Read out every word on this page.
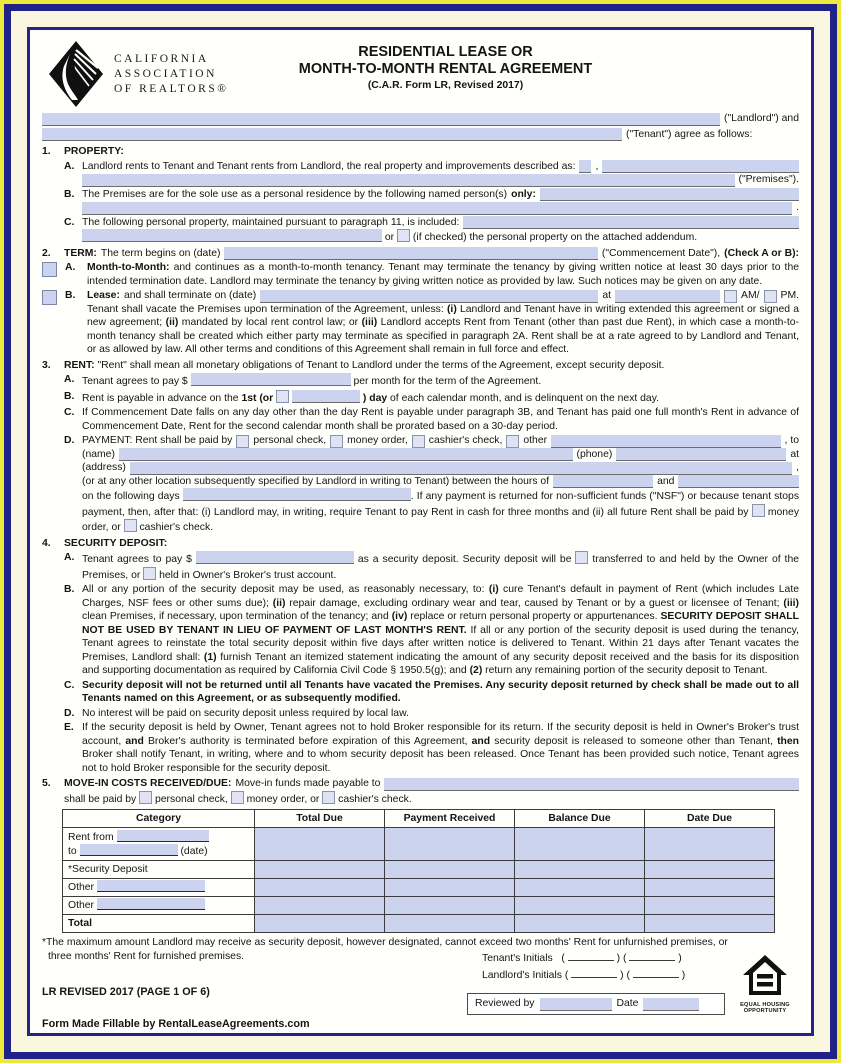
CALIFORNIA
ASSOCIATION
OF REALTORS®
RESIDENTIAL LEASE OR
MONTH-TO-MONTH RENTAL AGREEMENT
(C.A.R. Form LR, Revised 2017)
("Landlord") and
("Tenant") agree as follows:
1.	PROPERTY:
A. Landlord rents to Tenant and Tenant rents from Landlord, the real property and improvements described as: ,
("Premises").
B. The Premises are for the sole use as a personal residence by the following named person(s) only:
.
C. The following personal property, maintained pursuant to paragraph 11, is included:
or (if checked) the personal property on the attached addendum.
2.	TERM: The term begins on (date)	("Commencement Date"), (Check A or B):
A.	Month-to-Month: and continues as a month-to-month tenancy. Tenant may terminate the tenancy by giving written notice at least 30 days prior to the intended termination date. Landlord may terminate the tenancy by giving written notice as provided by law. Such notices may be given on any date.
B. Lease: and shall terminate on (date)	at	AM/ PM.
Tenant shall vacate the Premises upon termination of the Agreement, unless: (i) Landlord and Tenant have in writing extended this agreement or signed a new agreement; (ii) mandated by local rent control law; or (iii) Landlord accepts Rent from Tenant (other than past due Rent), in which case a month-to-month tenancy shall be created which either party may terminate as specified in paragraph 2A. Rent shall be at a rate agreed to by Landlord and Tenant, or as allowed by law. All other terms and conditions of this Agreement shall remain in full force and effect.
3.	RENT: "Rent" shall mean all monetary obligations of Tenant to Landlord under the terms of the Agreement, except security deposit.
A. Tenant agrees to pay $	per month for the term of the Agreement.
B. Rent is payable in advance on the 1st (or	) day of each calendar month, and is delinquent on the next day.
C. If Commencement Date falls on any day other than the day Rent is payable under paragraph 3B, and Tenant has paid one full month's Rent in advance of Commencement Date, Rent for the second calendar month shall be prorated based on a 30-day period.
D. PAYMENT: Rent shall be paid by personal check, money order, cashier's check, other	, to
(name)	(phone)	at
(address)	,
(or at any other location subsequently specified by Landlord in writing to Tenant) between the hours of	and
on the following days	. If any payment is returned for non-sufficient funds ("NSF") or because tenant stops payment, then, after that: (i) Landlord may, in writing, require Tenant to pay Rent in cash for three months and (ii) all future Rent shall be paid by money order, or cashier's check.
4.	SECURITY DEPOSIT:
A. Tenant agrees to pay $	as a security deposit. Security deposit will be transferred to and held by the Owner of the Premises, or held in Owner's Broker's trust account.
B. All or any portion of the security deposit may be used, as reasonably necessary, to: (i) cure Tenant's default in payment of Rent (which includes Late Charges, NSF fees or other sums due); (ii) repair damage, excluding ordinary wear and tear, caused by Tenant or by a guest or licensee of Tenant; (iii) clean Premises, if necessary, upon termination of the tenancy; and (iv) replace or return personal property or appurtenances. SECURITY DEPOSIT SHALL NOT BE USED BY TENANT IN LIEU OF PAYMENT OF LAST MONTH'S RENT. If all or any portion of the security deposit is used during the tenancy, Tenant agrees to reinstate the total security deposit within five days after written notice is delivered to Tenant. Within 21 days after Tenant vacates the Premises, Landlord shall: (1) furnish Tenant an itemized statement indicating the amount of any security deposit received and the basis for its disposition and supporting documentation as required by California Civil Code § 1950.5(g); and (2) return any remaining portion of the security deposit to Tenant.
C. Security deposit will not be returned until all Tenants have vacated the Premises. Any security deposit returned by check shall be made out to all Tenants named on this Agreement, or as subsequently modified.
D. No interest will be paid on security deposit unless required by local law.
E. If the security deposit is held by Owner, Tenant agrees not to hold Broker responsible for its return. If the security deposit is held in Owner's Broker's trust account, and Broker's authority is terminated before expiration of this Agreement, and security deposit is released to someone other than Tenant, then Broker shall notify Tenant, in writing, where and to whom security deposit has been released. Once Tenant has been provided such notice, Tenant agrees not to hold Broker responsible for the security deposit.
5.	MOVE-IN COSTS RECEIVED/DUE: Move-in funds made payable to
shall be paid by personal check, money order, or cashier's check.
Category	Total Due	Payment Received	Balance Due	Date Due

Rent from
to (date)				

*Security Deposit				
Other				
Other				
Total				
*The maximum amount Landlord may receive as security deposit, however designated, cannot exceed two months' Rent for unfurnished premises, or
three months' Rent for furnished premises.	Tenant's Initials (	) (	)
Landlord's Initials (	) (	)
LR REVISED 2017 (PAGE 1 OF 6)
Reviewed by	Date	EQUAL HOUSING
OPPORTUNITY
Form Made Fillable by RentalLeaseAgreements.com
